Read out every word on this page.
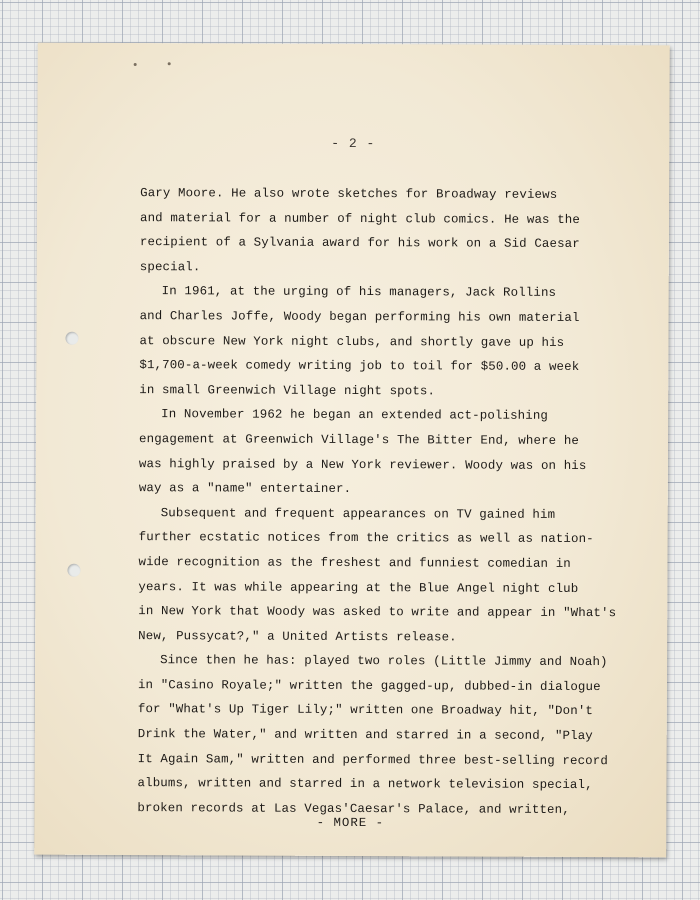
- 2 -
Gary Moore. He also wrote sketches for Broadway reviews
and material for a number of night club comics. He was the
recipient of a Sylvania award for his work on a Sid Caesar
special.
In 1961, at the urging of his managers, Jack Rollins
and Charles Joffe, Woody began performing his own material
at obscure New York night clubs, and shortly gave up his
$1,700-a-week comedy writing job to toil for $50.00 a week
in small Greenwich Village night spots.
In November 1962 he began an extended act-polishing
engagement at Greenwich Village's The Bitter End, where he
was highly praised by a New York reviewer. Woody was on his
way as a "name" entertainer.
Subsequent and frequent appearances on TV gained him
further ecstatic notices from the critics as well as nation-
wide recognition as the freshest and funniest comedian in
years. It was while appearing at the Blue Angel night club
in New York that Woody was asked to write and appear in "What's
New, Pussycat?," a United Artists release.
Since then he has: played two roles (Little Jimmy and Noah)
in "Casino Royale;" written the gagged-up, dubbed-in dialogue
for "What's Up Tiger Lily;" written one Broadway hit, "Don't
Drink the Water," and written and starred in a second, "Play
It Again Sam," written and performed three best-selling record
albums, written and starred in a network television special,
broken records at Las Vegas'Caesar's Palace, and written,
- MORE -
